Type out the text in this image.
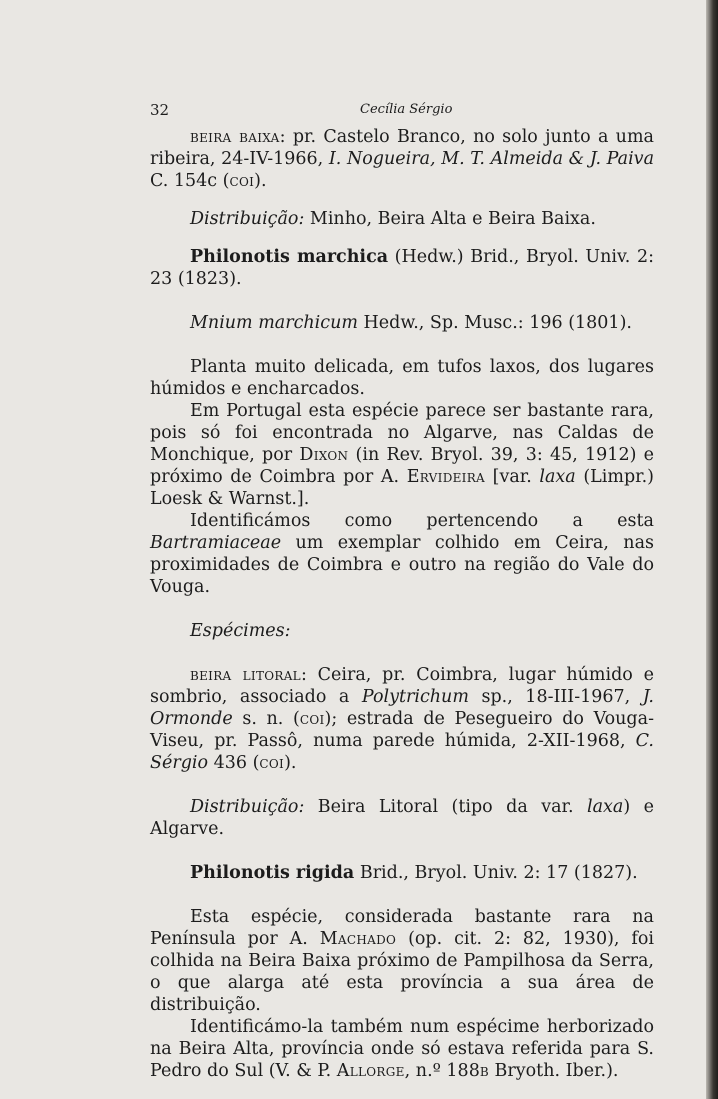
32	Cecília Sérgio

beira baixa: pr. Castelo Branco, no solo junto a uma ribeira, 24-IV-1966, I. Nogueira, M. T. Almeida & J. Paiva C. 154c (coi).

Distribuição: Minho, Beira Alta e Beira Baixa.

Philonotis marchica (Hedw.) Brid., Bryol. Univ. 2: 23 (1823).

Mnium marchicum Hedw., Sp. Musc.: 196 (1801).

Planta muito delicada, em tufos laxos, dos lugares húmidos e encharcados.

Em Portugal esta espécie parece ser bastante rara, pois só foi encontrada no Algarve, nas Caldas de Monchique, por Dixon (in Rev. Bryol. 39, 3: 45, 1912) e próximo de Coimbra por A. Ervideira [var. laxa (Limpr.) Loesk & Warnst.].

Identificámos como pertencendo a esta Bartramiaceae um exemplar colhido em Ceira, nas proximidades de Coimbra e outro na região do Vale do Vouga.

Espécimes:

beira litoral: Ceira, pr. Coimbra, lugar húmido e sombrio, associado a Polytrichum sp., 18-III-1967, J. Ormonde s. n. (coi); estrada de Pesegueiro do Vouga-Viseu, pr. Passô, numa parede húmida, 2-XII-1968, C. Sérgio 436 (coi).

Distribuição: Beira Litoral (tipo da var. laxa) e Algarve.

Philonotis rigida Brid., Bryol. Univ. 2: 17 (1827).

Esta espécie, considerada bastante rara na Península por A. Machado (op. cit. 2: 82, 1930), foi colhida na Beira Baixa próximo de Pampilhosa da Serra, o que alarga até esta província a sua área de distribuição.

Identificámo-la também num espécime herborizado na Beira Alta, província onde só estava referida para S. Pedro do Sul (V. & P. Allorge, n.º 188b Bryoth. Iber.).
